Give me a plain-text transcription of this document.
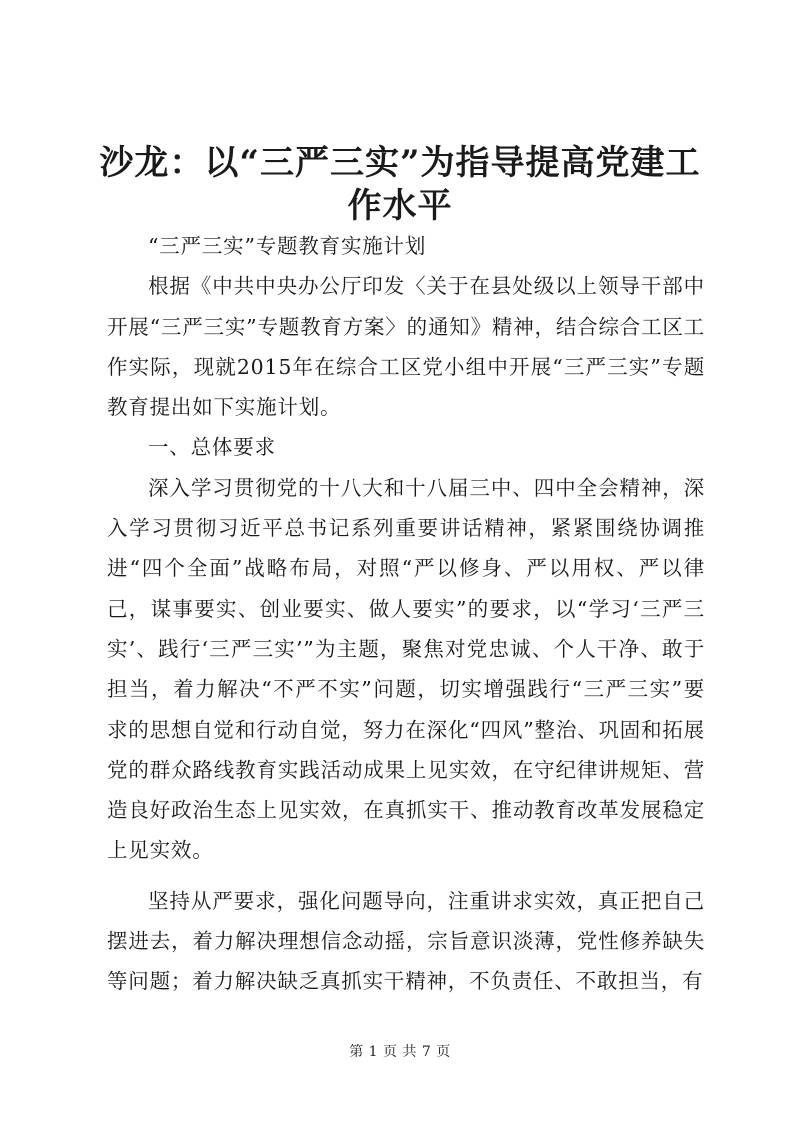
沙龙：以“三严三实”为指导提高党建工作水平

“三严三实”专题教育实施计划

根据《中共中央办公厅印发〈关于在县处级以上领导干部中开展“三严三实”专题教育方案〉的通知》精神，结合综合工区工作实际，现就2015年在综合工区党小组中开展“三严三实”专题教育提出如下实施计划。

一、总体要求

深入学习贯彻党的十八大和十八届三中、四中全会精神，深入学习贯彻习近平总书记系列重要讲话精神，紧紧围绕协调推进“四个全面”战略布局，对照“严以修身、严以用权、严以律己，谋事要实、创业要实、做人要实”的要求，以“学习‘三严三实’、践行‘三严三实’”为主题，聚焦对党忠诚、个人干净、敢于担当，着力解决“不严不实”问题，切实增强践行“三严三实”要求的思想自觉和行动自觉，努力在深化“四风”整治、巩固和拓展党的群众路线教育实践活动成果上见实效，在守纪律讲规矩、营造良好政治生态上见实效，在真抓实干、推动教育改革发展稳定上见实效。

坚持从严要求，强化问题导向，注重讲求实效，真正把自己摆进去，着力解决理想信念动摇，宗旨意识淡薄，党性修养缺失等问题；着力解决缺乏真抓实干精神，不负责任、不敢担当，有

第 1 页 共 7 页
